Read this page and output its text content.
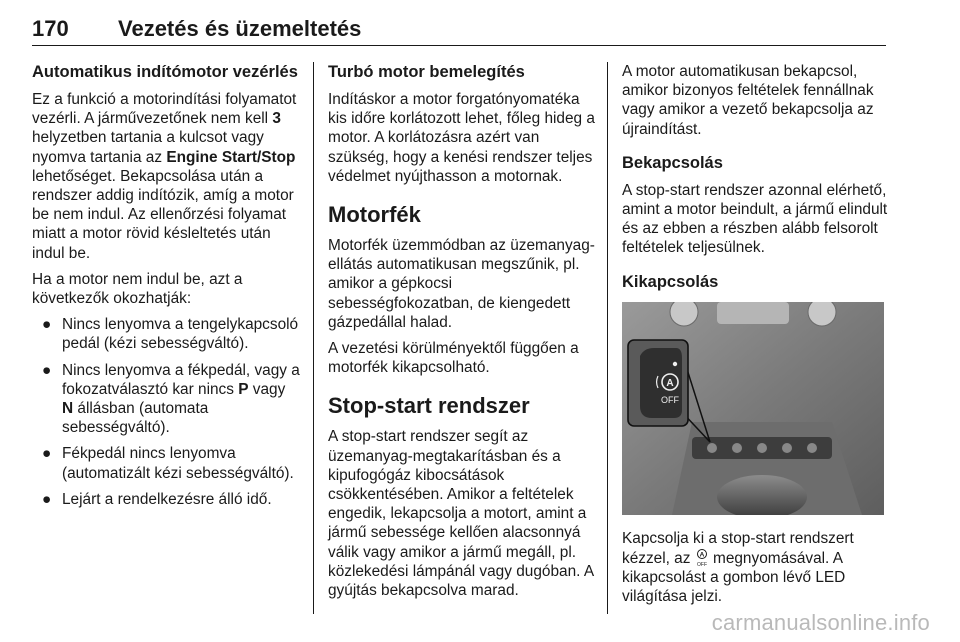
170	Vezetés és üzemeltetés
Automatikus indítómotor vezérlés

Ez a funkció a motorindítási folyamatot vezérli. A járművezetőnek nem kell 3 helyzetben tartania a kulcsot vagy nyomva tartania az Engine Start/Stop lehetőséget. Bekapcsolása után a rendszer addig indítózik, amíg a motor be nem indul. Az ellenőrzési folyamat miatt a motor rövid késleltetés után indul be.

Ha a motor nem indul be, azt a következők okozhatják:

● Nincs lenyomva a tengelykapcsoló pedál (kézi sebességváltó).
● Nincs lenyomva a fékpedál, vagy a fokozatválasztó kar nincs P vagy N állásban (automata sebességváltó).
● Fékpedál nincs lenyomva (automatizált kézi sebességváltó).
● Lejárt a rendelkezésre álló idő.
Turbó motor bemelegítés

Indításkor a motor forgatónyomatéka kis időre korlátozott lehet, főleg hideg a motor. A korlátozásra azért van szükség, hogy a kenési rendszer teljes védelmet nyújthasson a motornak.

Motorfék

Motorfék üzemmódban az üzemanyag-ellátás automatikusan megszűnik, pl. amikor a gépkocsi sebességfokozatban, de kiengedett gázpedállal halad.

A vezetési körülményektől függően a motorfék kikapcsolható.

Stop-start rendszer

A stop-start rendszer segít az üzemanyag-megtakarításban és a kipufogógáz kibocsátások csökkentésében. Amikor a feltételek engedik, lekapcsolja a motort, amint a jármű sebessége kellően alacsonnyá válik vagy amikor a jármű megáll, pl. közlekedési lámpánál vagy dugóban. A gyújtás bekapcsolva marad.

A motor automatikusan bekapcsol, amikor bizonyos feltételek fennállnak vagy amikor a vezető bekapcsolja az újraindítást.

Bekapcsolás

A stop-start rendszer azonnal elérhető, amint a motor beindult, a jármű elindult és az ebben a részben alább felsorolt feltételek teljesülnek.

Kikapcsolás
A
OFF

Kapcsolja ki a stop-start rendszert kézzel, az A
OFF megnyomásával. A kikapcsolást a gombon lévő LED világítása jelzi.

carmanualsonline.info
